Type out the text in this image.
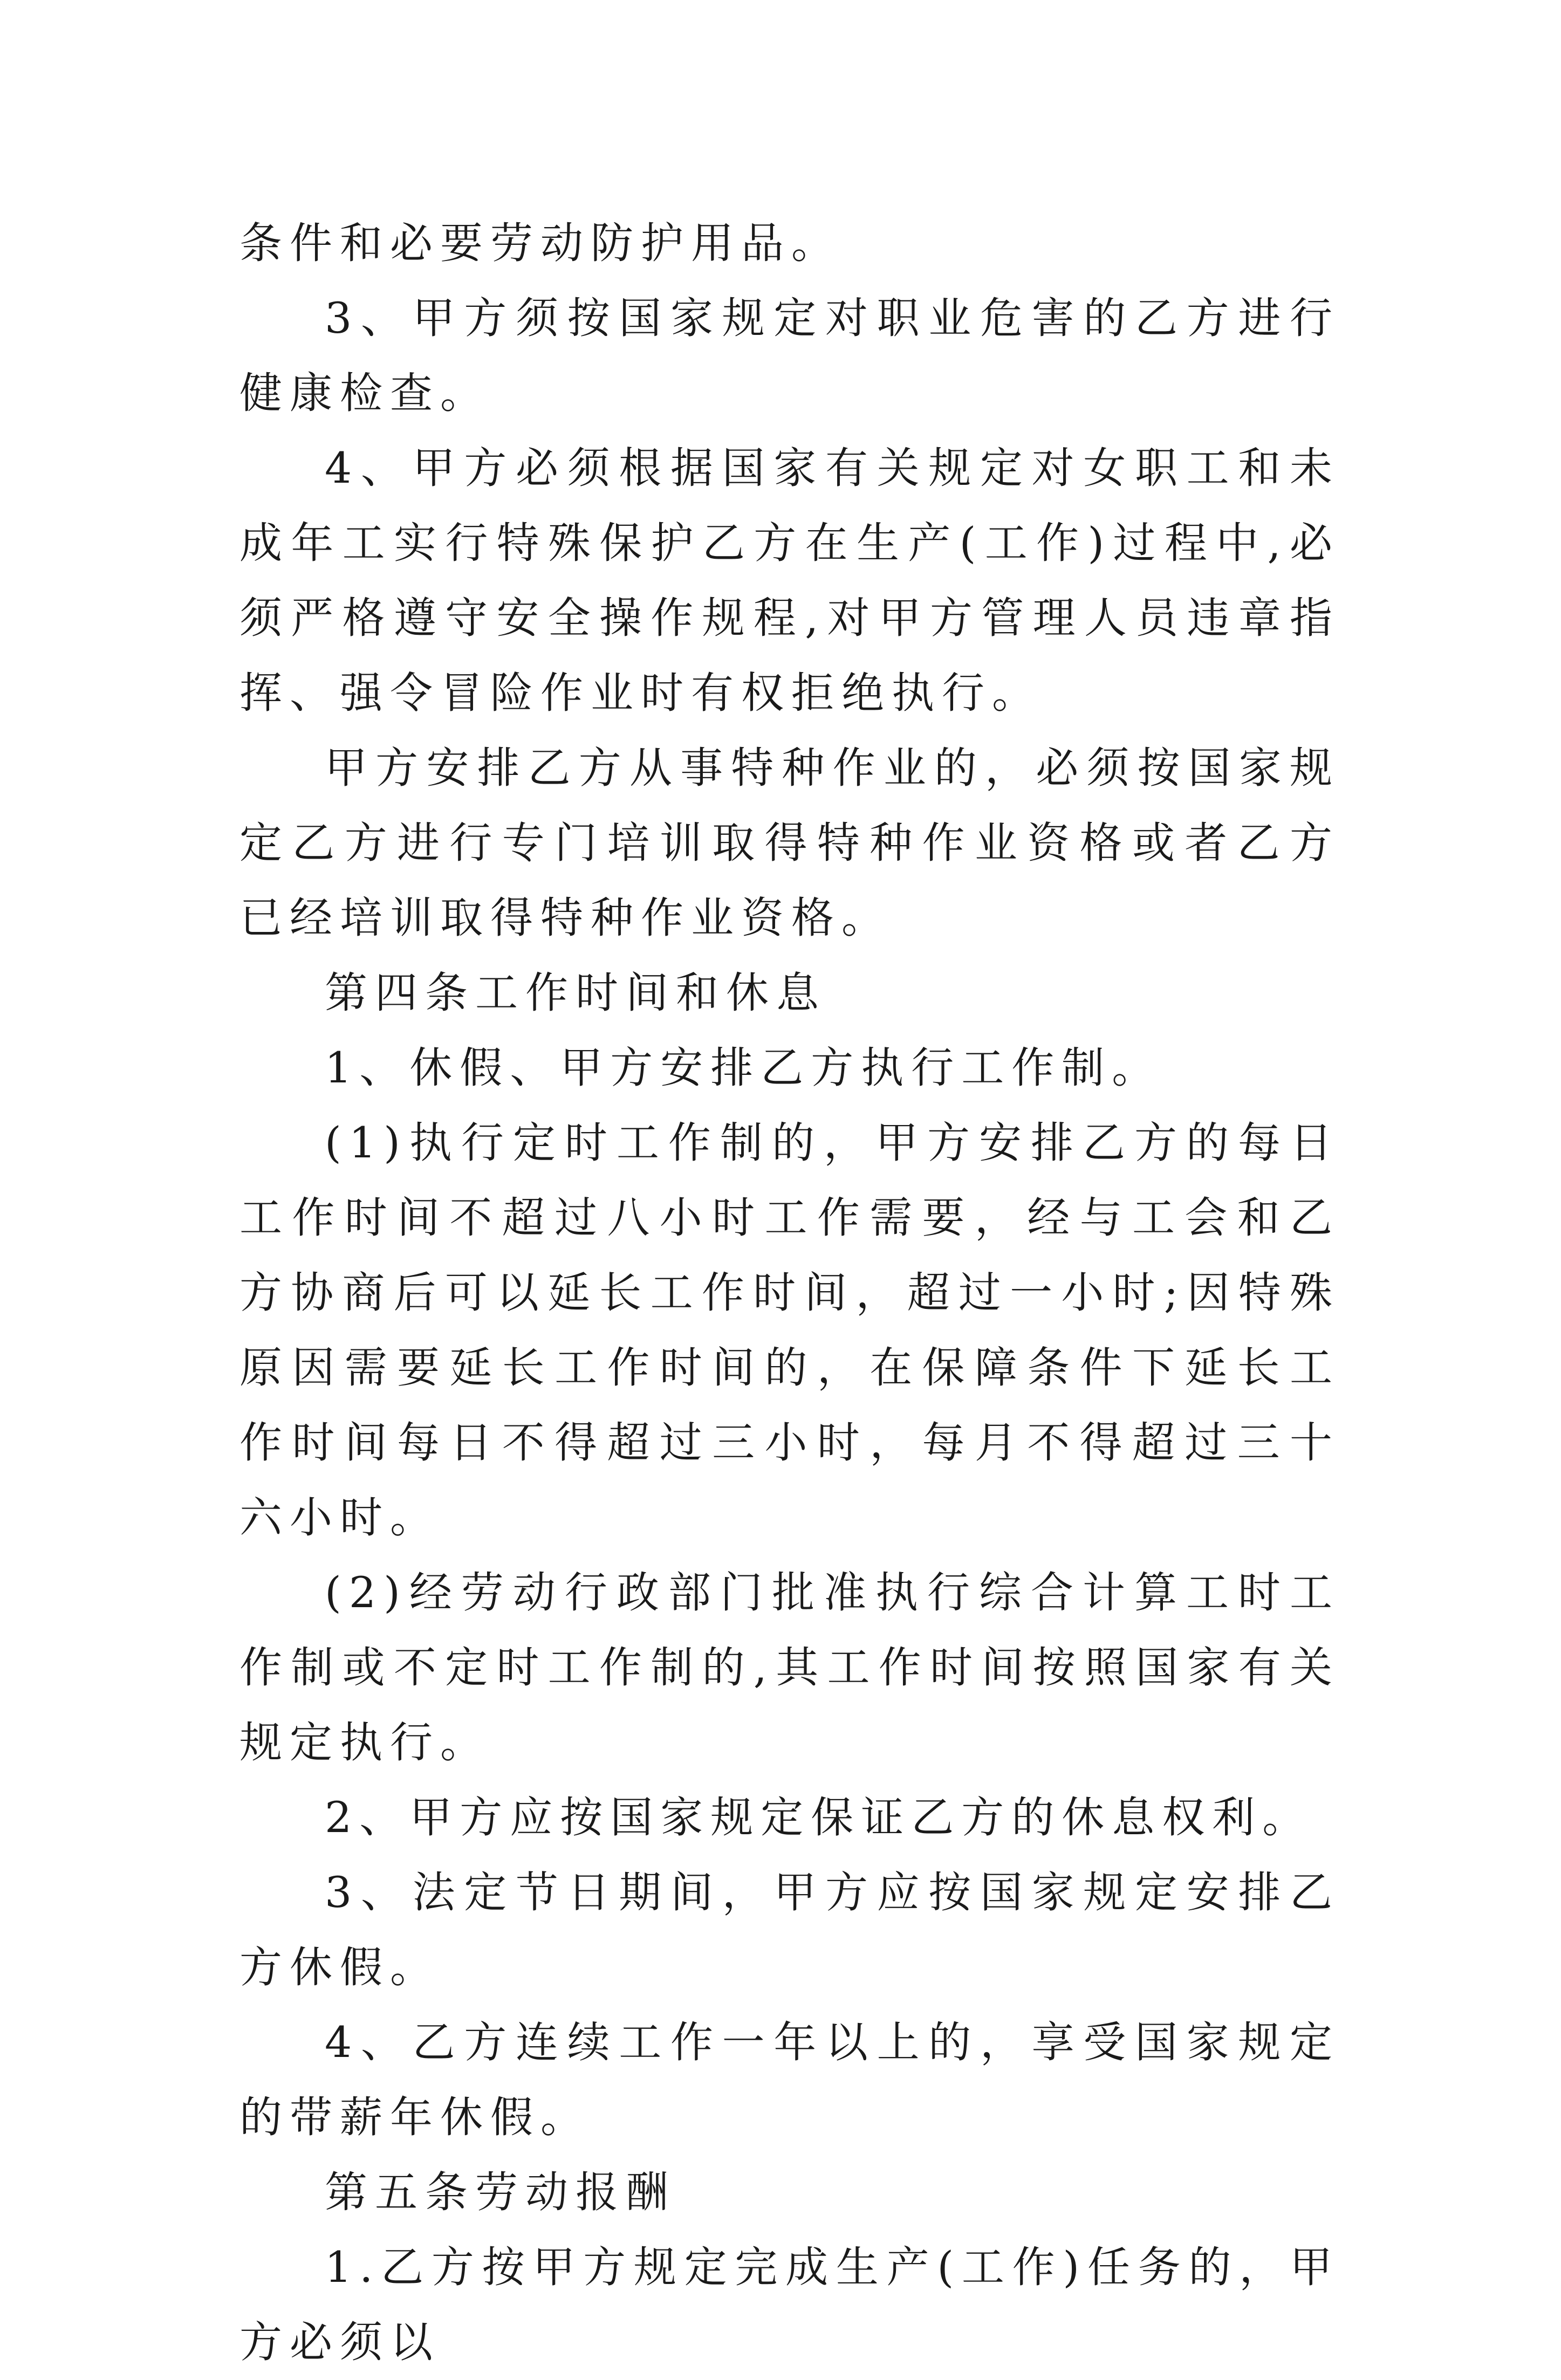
条件和必要劳动防护用品。

3、甲方须按国家规定对职业危害的乙方进行健康检查。

4、甲方必须根据国家有关规定对女职工和未成年工实行特殊保护乙方在生产(工作)过程中,必须严格遵守安全操作规程,对甲方管理人员违章指挥、强令冒险作业时有权拒绝执行。

甲方安排乙方从事特种作业的，必须按国家规定乙方进行专门培训取得特种作业资格或者乙方已经培训取得特种作业资格。

第四条工作时间和休息

1、休假、甲方安排乙方执行工作制。

(1)执行定时工作制的，甲方安排乙方的每日工作时间不超过八小时工作需要，经与工会和乙方协商后可以延长工作时间，超过一小时;因特殊原因需要延长工作时间的，在保障条件下延长工作时间每日不得超过三小时，每月不得超过三十六小时。

(2)经劳动行政部门批准执行综合计算工时工作制或不定时工作制的,其工作时间按照国家有关规定执行。

2、甲方应按国家规定保证乙方的休息权利。

3、法定节日期间，甲方应按国家规定安排乙方休假。

4、乙方连续工作一年以上的，享受国家规定的带薪年休假。

第五条劳动报酬

1.乙方按甲方规定完成生产(工作)任务的，甲方必须以
